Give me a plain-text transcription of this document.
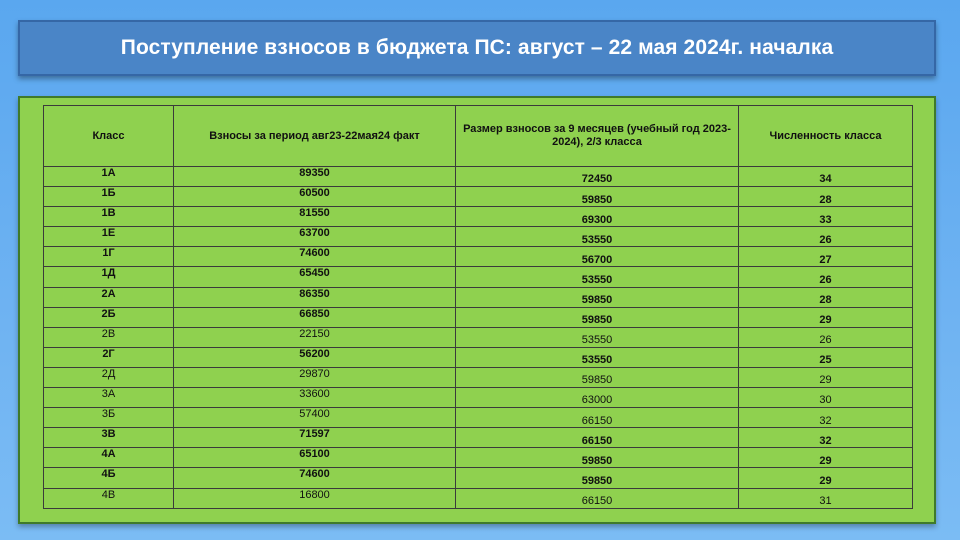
Поступление взносов в бюджета ПС: август – 22 мая 2024г. началка
Класс	Взносы за период авг23-22мая24 факт	Размер взносов за 9 месяцев (учебный год 2023-2024), 2/3 класса	Численность класса
1А	89350	72450	34
1Б	60500	59850	28
1В	81550	69300	33
1Е	63700	53550	26
1Г	74600	56700	27
1Д	65450	53550	26
2А	86350	59850	28
2Б	66850	59850	29
2В	22150	53550	26
2Г	56200	53550	25
2Д	29870	59850	29
3А	33600	63000	30
3Б	57400	66150	32
3В	71597	66150	32
4А	65100	59850	29
4Б	74600	59850	29
4В	16800	66150	31
